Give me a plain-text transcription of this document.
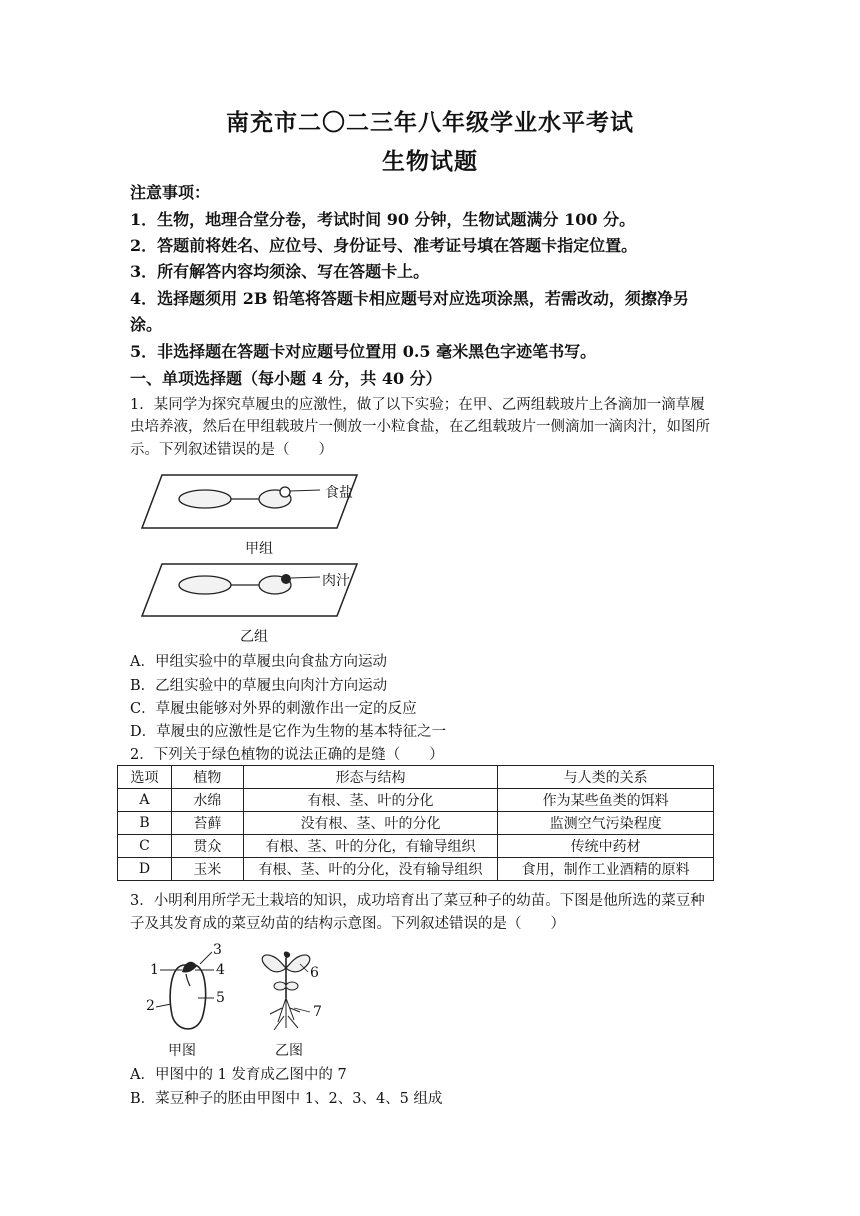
南充市二〇二三年八年级学业水平考试
生物试题
注意事项：
1．生物，地理合堂分卷，考试时间 90 分钟，生物试题满分 100 分。
2．答题前将姓名、应位号、身份证号、准考证号填在答题卡指定位置。
3．所有解答内容均须涂、写在答题卡上。
4．选择题须用 2B 铅笔将答题卡相应题号对应选项涂黑，若需改动，须擦净另
涂。
5．非选择题在答题卡对应题号位置用 0.5 毫米黑色字迹笔书写。
一、单项选择题（每小题 4 分，共 40 分）
1．某同学为探究草履虫的应激性，做了以下实验；在甲、乙两组载玻片上各滴加一滴草履
虫培养液，然后在甲组载玻片一侧放一小粒食盐，在乙组载玻片一侧滴加一滴肉汁，如图所
示。下列叙述错误的是（　　）
食盐
甲组
肉汁
乙组
A．甲组实验中的草履虫向食盐方向运动
B．乙组实验中的草履虫向肉汁方向运动
C．草履虫能够对外界的刺激作出一定的反应
D．草履虫的应激性是它作为生物的基本特征之一
2．下列关于绿色植物的说法正确的是缝（　　）
选项	植物	形态与结构	与人类的关系
A	水绵	有根、茎、叶的分化	作为某些鱼类的饵料
B	苔藓	没有根、茎、叶的分化	监测空气污染程度
C	贯众	有根、茎、叶的分化，有输导组织	传统中药材
D	玉米	有根、茎、叶的分化，没有输导组织	食用，制作工业酒精的原料
3．小明利用所学无土栽培的知识，成功培育出了菜豆种子的幼苗。下图是他所选的菜豆种
子及其发育成的菜豆幼苗的结构示意图。下列叙述错误的是（　　）
1
2
3
4
5
6
7
甲图	乙图
A．甲图中的 1 发育成乙图中的 7
B．菜豆种子的胚由甲图中 1、2、3、4、5 组成
